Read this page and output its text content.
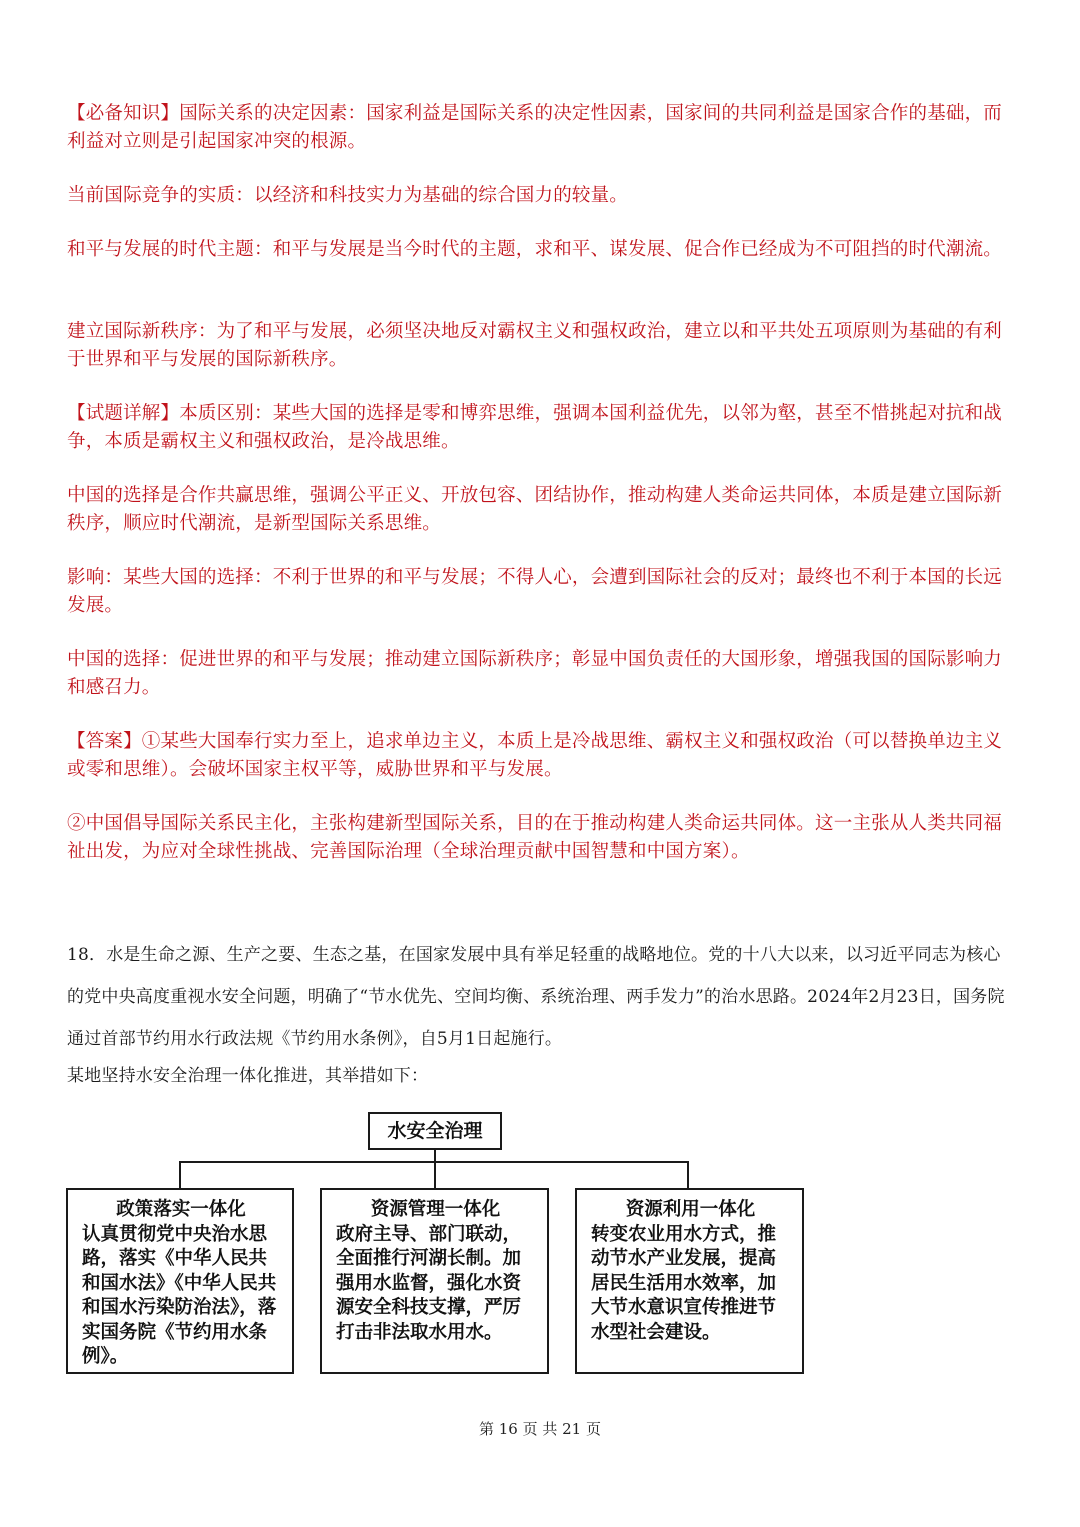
【必备知识】国际关系的决定因素：国家利益是国际关系的决定性因素，国家间的共同利益是国家合作的基础，而利益对立则是引起国家冲突的根源。

当前国际竞争的实质：以经济和科技实力为基础的综合国力的较量。

和平与发展的时代主题：和平与发展是当今时代的主题，求和平、谋发展、促合作已经成为不可阻挡的时代潮流。

建立国际新秩序：为了和平与发展，必须坚决地反对霸权主义和强权政治，建立以和平共处五项原则为基础的有利于世界和平与发展的国际新秩序。

【试题详解】本质区别：某些大国的选择是零和博弈思维，强调本国利益优先，以邻为壑，甚至不惜挑起对抗和战争，本质是霸权主义和强权政治，是冷战思维。

中国的选择是合作共赢思维，强调公平正义、开放包容、团结协作，推动构建人类命运共同体，本质是建立国际新秩序，顺应时代潮流，是新型国际关系思维。

影响：某些大国的选择：不利于世界的和平与发展；不得人心，会遭到国际社会的反对；最终也不利于本国的长远发展。

中国的选择：促进世界的和平与发展；推动建立国际新秩序；彰显中国负责任的大国形象，增强我国的国际影响力和感召力。

【答案】①某些大国奉行实力至上，追求单边主义，本质上是冷战思维、霸权主义和强权政治（可以替换单边主义或零和思维）。会破坏国家主权平等，威胁世界和平与发展。

②中国倡导国际关系民主化，主张构建新型国际关系，目的在于推动构建人类命运共同体。这一主张从人类共同福祉出发，为应对全球性挑战、完善国际治理（全球治理贡献中国智慧和中国方案）。

18．水是生命之源、生产之要、生态之基，在国家发展中具有举足轻重的战略地位。党的十八大以来，以习近平同志为核心的党中央高度重视水安全问题，明确了“节水优先、空间均衡、系统治理、两手发力”的治水思路。2024年2月23日，国务院通过首部节约用水行政法规《节约用水条例》，自5月1日起施行。

某地坚持水安全治理一体化推进，其举措如下：

水安全治理
政策落实一体化
认真贯彻党中央治水思路，落实《中华人民共和国水法》《中华人民共和国水污染防治法》，落实国务院《节约用水条例》。
资源管理一体化
政府主导、部门联动，全面推行河湖长制。加强用水监督，强化水资源安全科技支撑，严厉打击非法取水用水。
资源利用一体化
转变农业用水方式，推动节水产业发展，提高居民生活用水效率，加大节水意识宣传推进节水型社会建设。
第 16 页 共 21 页
